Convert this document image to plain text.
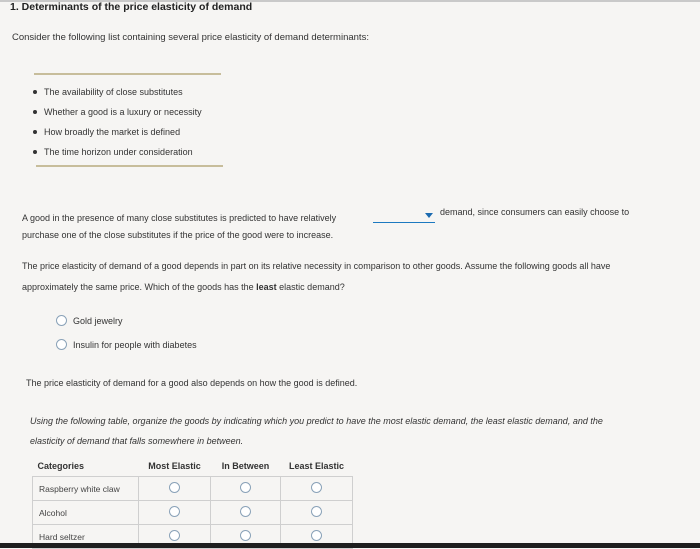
1. Determinants of the price elasticity of demand
Consider the following list containing several price elasticity of demand determinants:
The availability of close substitutes
Whether a good is a luxury or necessity
How broadly the market is defined
The time horizon under consideration
A good in the presence of many close substitutes is predicted to have relatively
demand, since consumers can easily choose to
purchase one of the close substitutes if the price of the good were to increase.
The price elasticity of demand of a good depends in part on its relative necessity in comparison to other goods. Assume the following goods all have
approximately the same price. Which of the goods has the least elastic demand?
Gold jewelry
Insulin for people with diabetes
The price elasticity of demand for a good also depends on how the good is defined.
Using the following table, organize the goods by indicating which you predict to have the most elastic demand, the least elastic demand, and the
elasticity of demand that falls somewhere in between.
Categories	Most Elastic	In Between	Least Elastic
Raspberry white claw			
Alcohol			
Hard seltzer			
